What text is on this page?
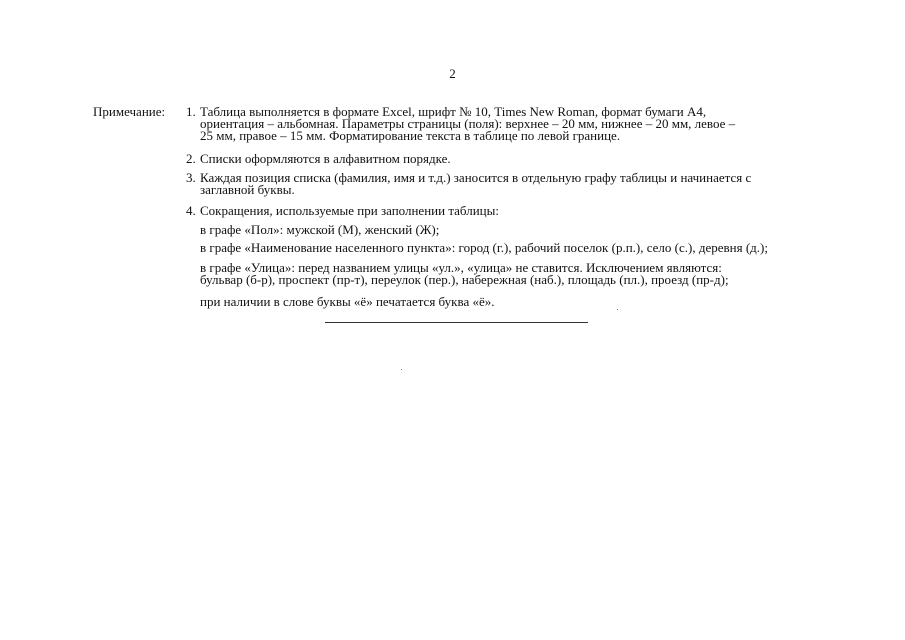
2
Примечание: 1. Таблица выполняется в формате Excel, шрифт № 10, Times New Roman, формат бумаги А4,
ориентация – альбомная. Параметры страницы (поля): верхнее – 20 мм, нижнее – 20 мм, левое –
25 мм, правое – 15 мм. Форматирование текста в таблице по левой границе.
2. Списки оформляются в алфавитном порядке.
3. Каждая позиция списка (фамилия, имя и т.д.) заносится в отдельную графу таблицы и начинается с
заглавной буквы.
4. Сокращения, используемые при заполнении таблицы:
в графе «Пол»: мужской (М), женский (Ж);
в графе «Наименование населенного пункта»: город (г.), рабочий поселок (р.п.), село (с.), деревня (д.);
в графе «Улица»: перед названием улицы «ул.», «улица» не ставится. Исключением являются:
бульвар (б-р), проспект (пр-т), переулок (пер.), набережная (наб.), площадь (пл.), проезд (пр-д);
при наличии в слове буквы «ё» печатается буква «ё».
